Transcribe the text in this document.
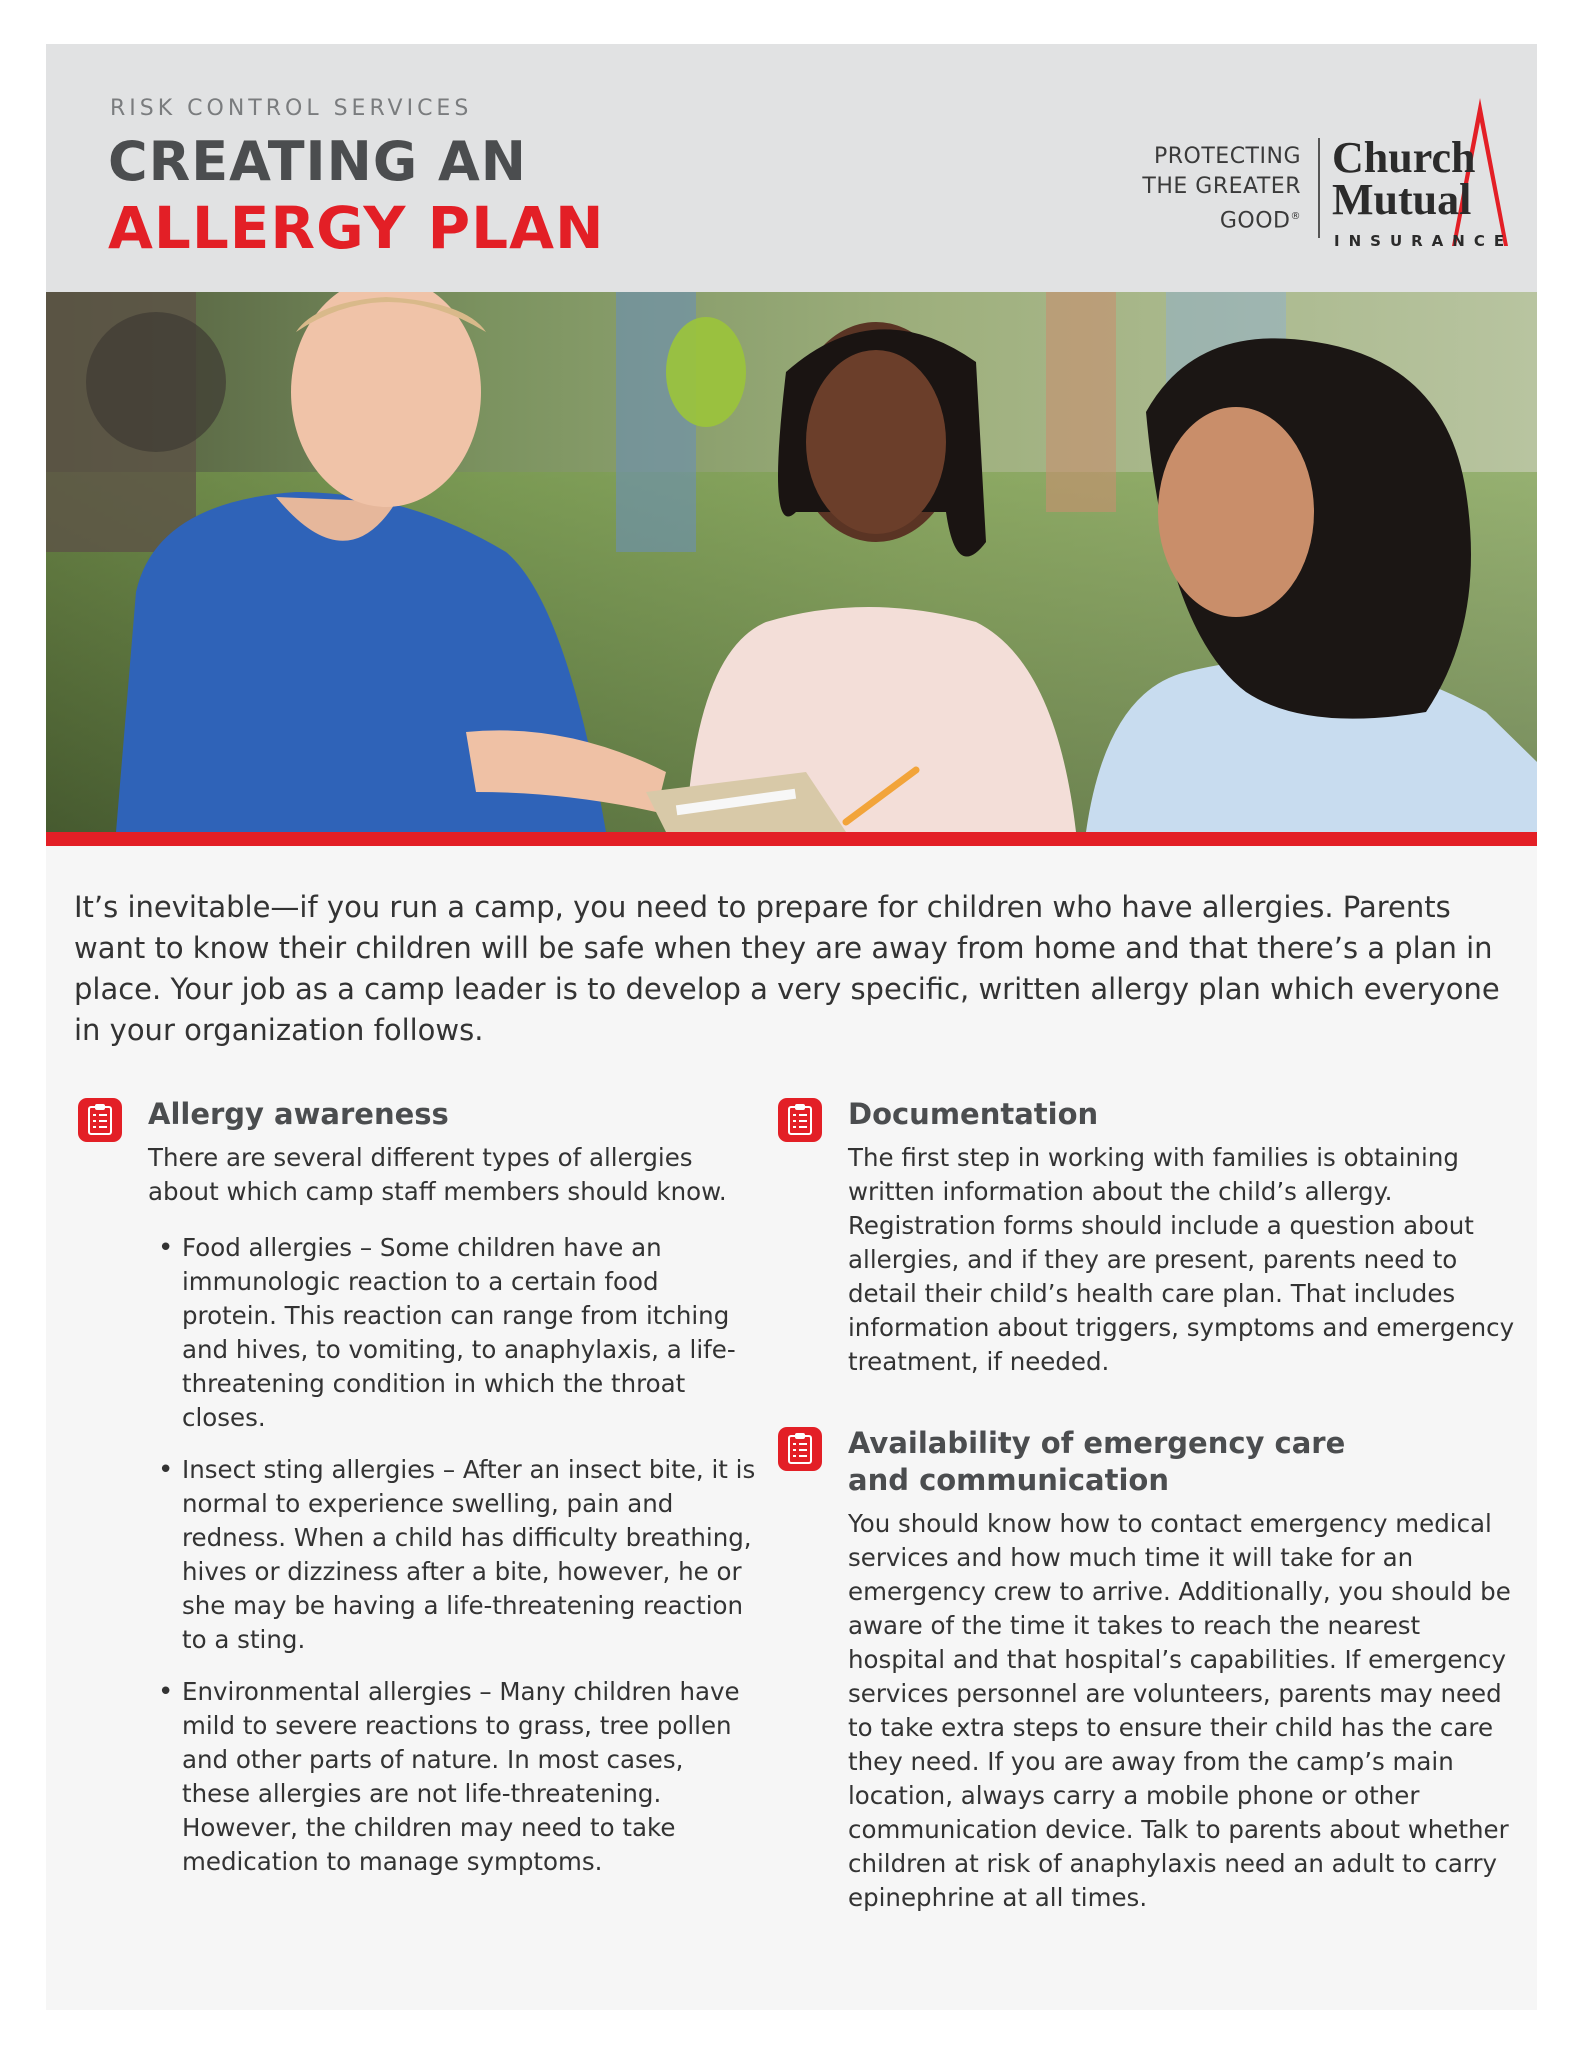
RISK CONTROL SERVICES
CREATING AN
ALLERGY PLAN
PROTECTING
THE GREATER
GOOD®
Church
Mutual
INSURANCE

It’s inevitable—if you run a camp, you need to prepare for children who have allergies. Parents want to know their children will be safe when they are away from home and that there’s a plan in place. Your job as a camp leader is to develop a very specific, written allergy plan which everyone in your organization follows.

Allergy awareness

There are several different types of allergies about which camp staff members should know.

• Food allergies – Some children have an immunologic reaction to a certain food protein. This reaction can range from itching and hives, to vomiting, to anaphylaxis, a life-threatening condition in which the throat closes.
• Insect sting allergies – After an insect bite, it is normal to experience swelling, pain and redness. When a child has difficulty breathing, hives or dizziness after a bite, however, he or she may be having a life-threatening reaction to a sting.
• Environmental allergies – Many children have mild to severe reactions to grass, tree pollen and other parts of nature. In most cases, these allergies are not life-threatening. However, the children may need to take medication to manage symptoms.
Documentation

The first step in working with families is obtaining written information about the child’s allergy. Registration forms should include a question about allergies, and if they are present, parents need to detail their child’s health care plan. That includes information about triggers, symptoms and emergency treatment, if needed.

Availability of emergency care
and communication

You should know how to contact emergency medical services and how much time it will take for an emergency crew to arrive. Additionally, you should be aware of the time it takes to reach the nearest hospital and that hospital’s capabilities. If emergency services personnel are volunteers, parents may need to take extra steps to ensure their child has the care they need. If you are away from the camp’s main location, always carry a mobile phone or other communication device. Talk to parents about whether children at risk of anaphylaxis need an adult to carry epinephrine at all times.
